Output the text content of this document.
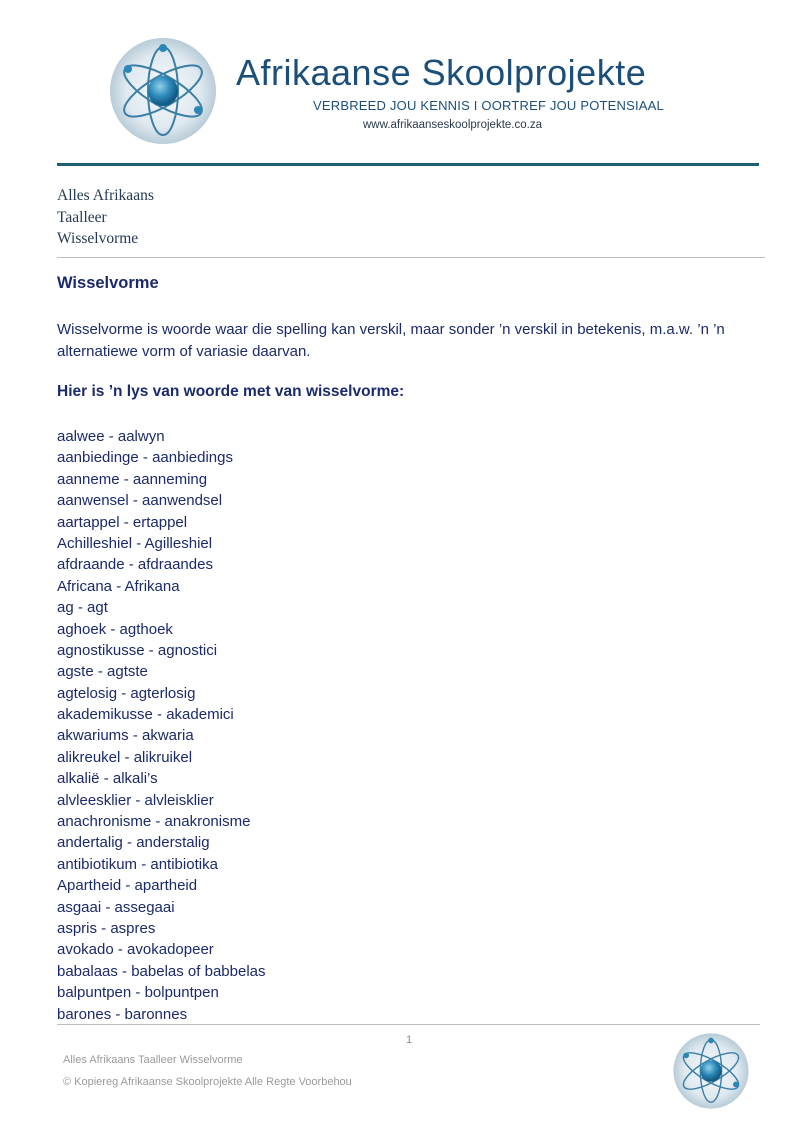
Afrikaanse Skoolprojekte
VERBREED JOU KENNIS I OORTREF JOU POTENSIAAL
www.afrikaanseskoolprojekte.co.za
Alles Afrikaans
Taalleer
Wisselvorme
Wisselvorme
Wisselvorme is woorde waar die spelling kan verskil, maar sonder ’n verskil in betekenis, m.a.w. ’n ’n alternatiewe vorm of variasie daarvan.
Hier is ’n lys van woorde met van wisselvorme:
aalwee - aalwyn
aanbiedinge - aanbiedings
aanneme - aanneming
aanwensel - aanwendsel
aartappel - ertappel
Achilleshiel - Agilleshiel
afdraande - afdraandes
Africana - Afrikana
ag - agt
aghoek - agthoek
agnostikusse - agnostici
agste - agtste
agtelosig - agterlosig
akademikusse - akademici
akwariums - akwaria
alikreukel - alikruikel
alkalië - alkali’s
alvleesklier - alvleisklier
anachronisme - anakronisme
andertalig - anderstalig
antibiotikum - antibiotika
Apartheid - apartheid
asgaai - assegaai
aspris - aspres
avokado - avokadopeer
babalaas - babelas of babbelas
balpuntpen - bolpuntpen
barones - baronnes
1
Alles Afrikaans Taalleer Wisselvorme
© Kopiereg Afrikaanse Skoolprojekte Alle Regte Voorbehou
